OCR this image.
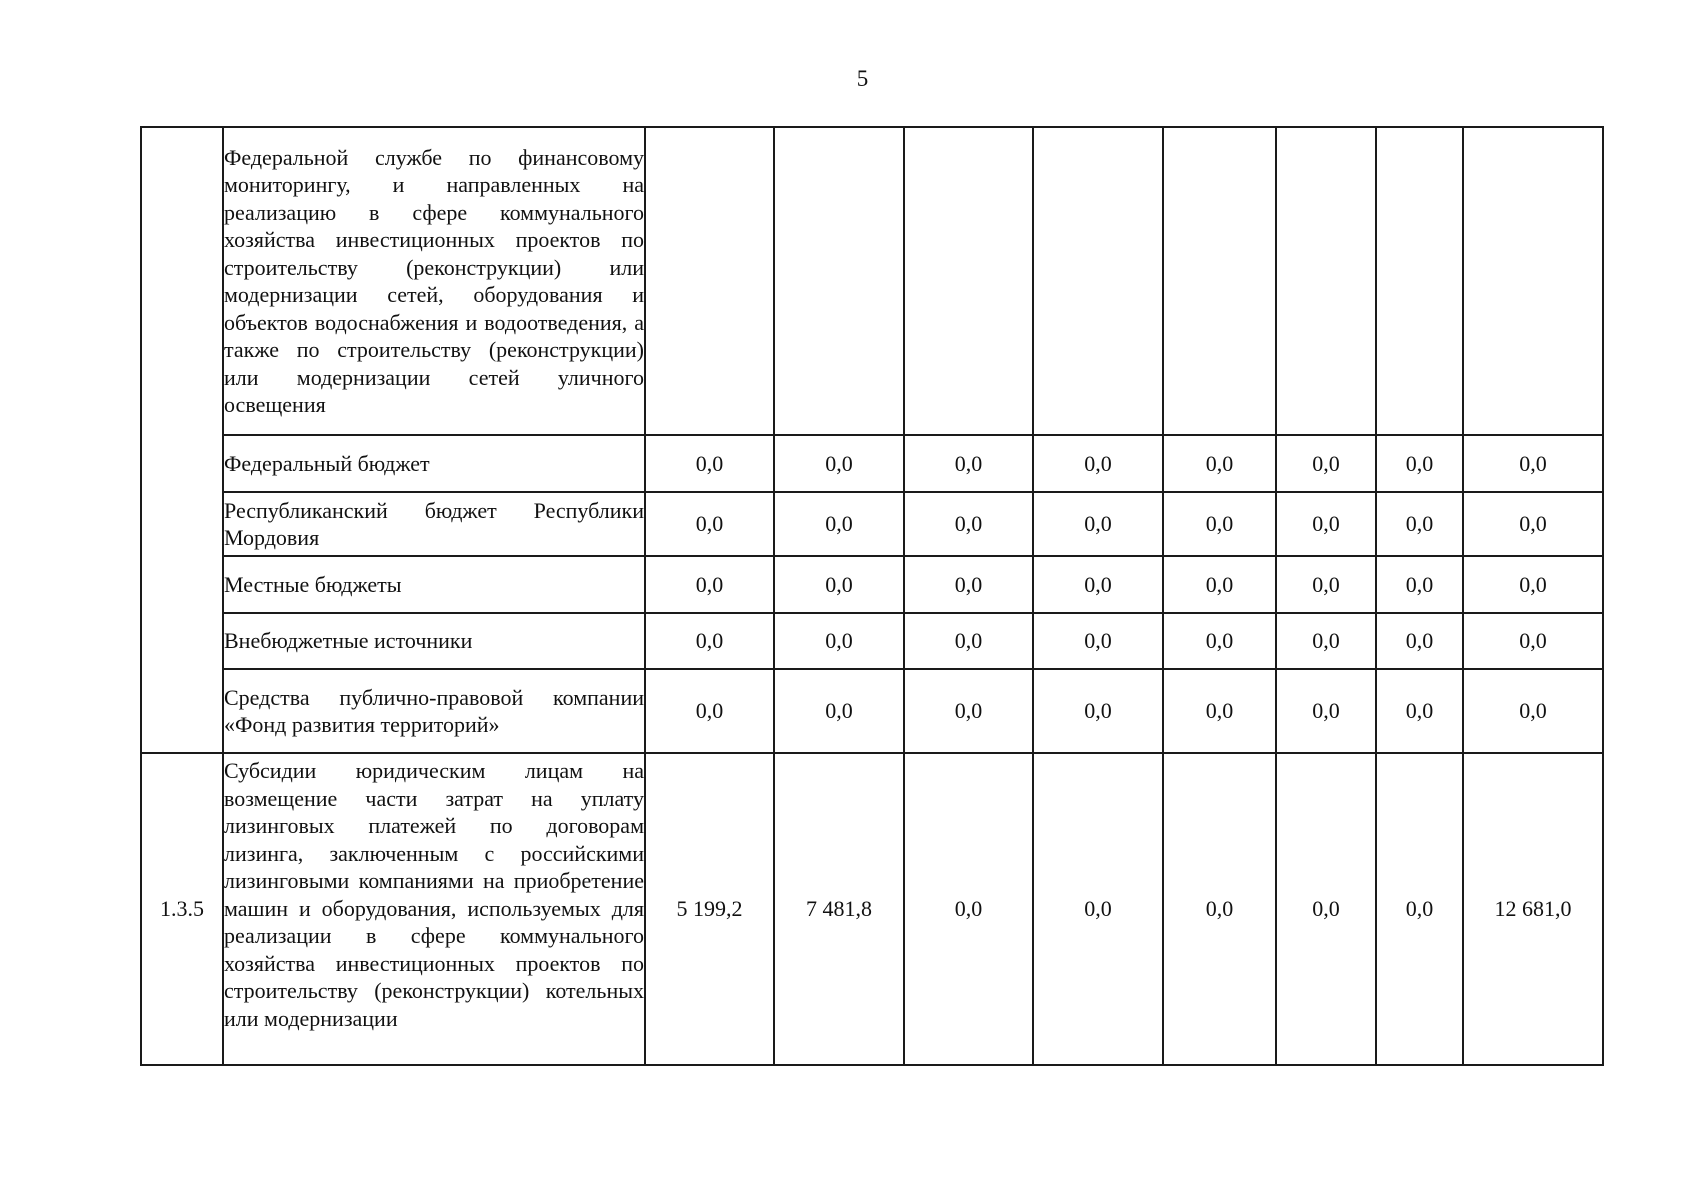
5
	Федеральной службе по финансовому мониторингу, и направленных на реализацию в сфере коммунального хозяйства инвестиционных проектов по строительству (реконструкции) или модернизации сетей, оборудования и объектов водоснабжения и водоотведения, а также по строительству (реконструкции) или модернизации сетей уличного освещения								
	Федеральный бюджет	0,0	0,0	0,0	0,0	0,0	0,0	0,0	0,0
	Республиканский бюджет Республики Мордовия	0,0	0,0	0,0	0,0	0,0	0,0	0,0	0,0
	Местные бюджеты	0,0	0,0	0,0	0,0	0,0	0,0	0,0	0,0
	Внебюджетные источники	0,0	0,0	0,0	0,0	0,0	0,0	0,0	0,0
	Средства публично-правовой компании «Фонд развития территорий»	0,0	0,0	0,0	0,0	0,0	0,0	0,0	0,0
1.3.5	Субсидии юридическим лицам на возмещение части затрат на уплату лизинговых платежей по договорам лизинга, заключенным с российскими лизинговыми компаниями на приобретение машин и оборудования, используемых для реализации в сфере коммунального хозяйства инвестиционных проектов по строительству (реконструкции) котельных или модернизации	5 199,2	7 481,8	0,0	0,0	0,0	0,0	0,0	12 681,0
